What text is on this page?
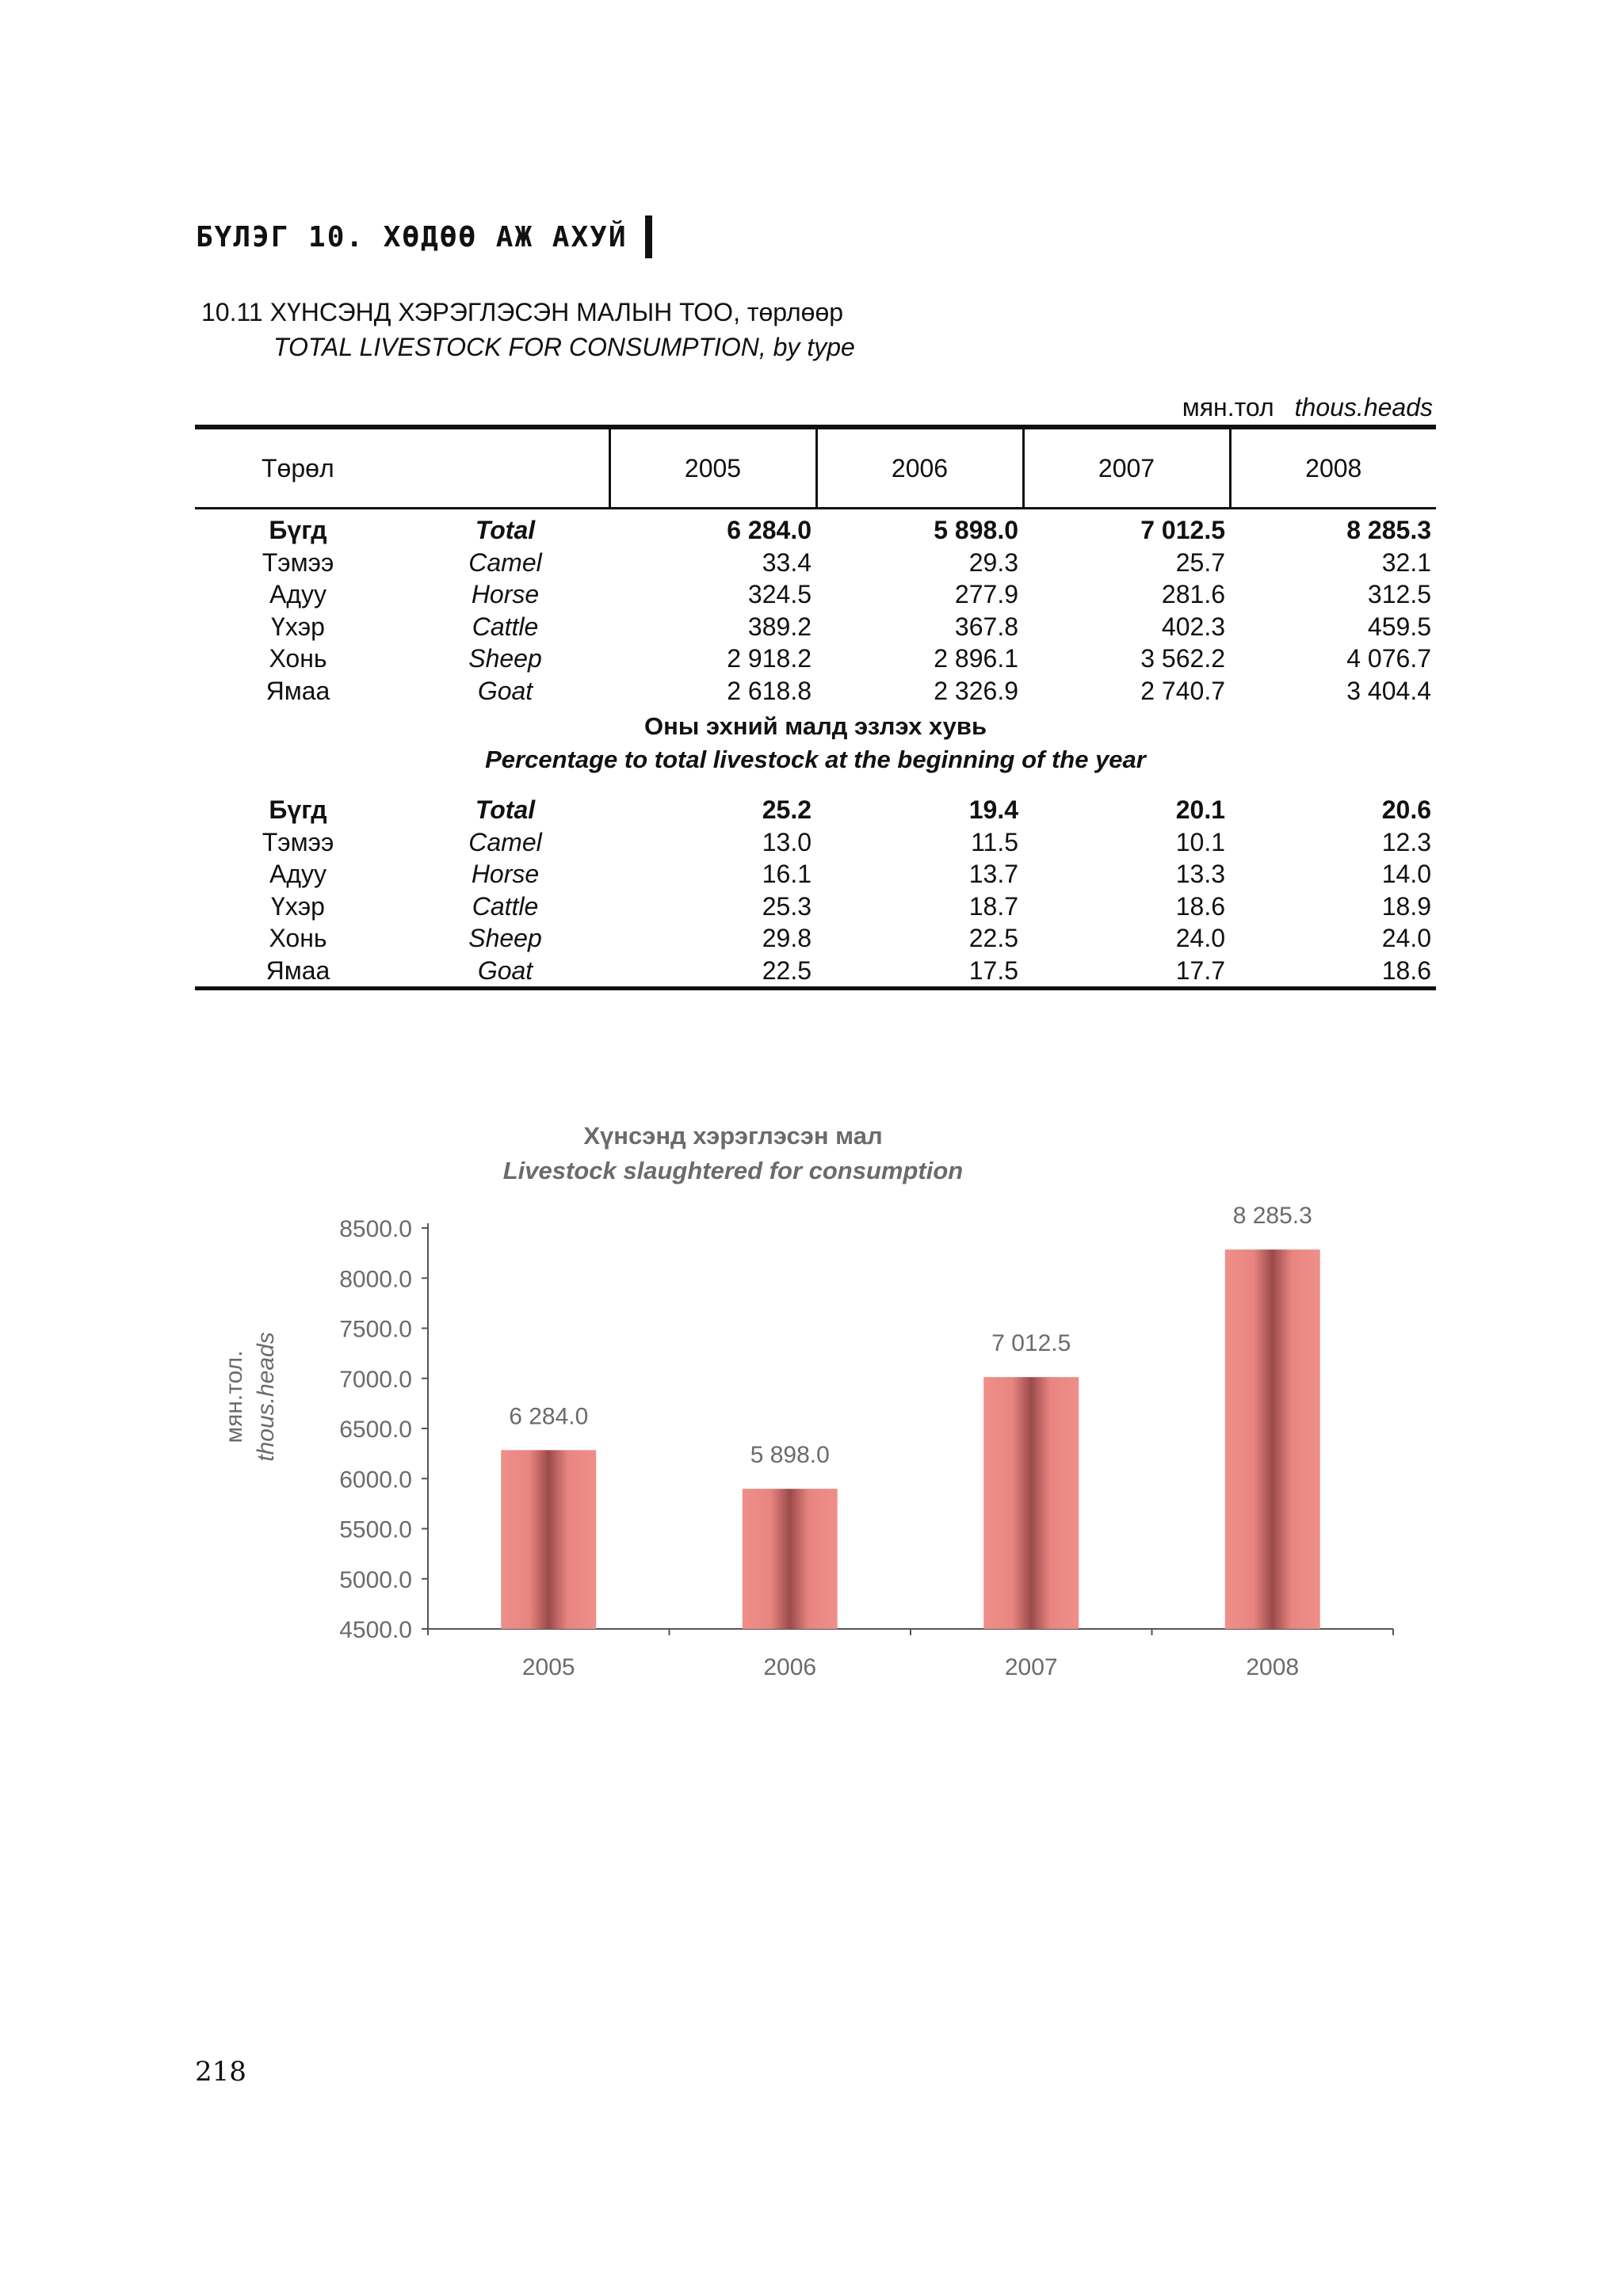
БҮЛЭГ 10. ХӨДӨӨ АЖ АХУЙ
10.11 ХҮНСЭНД ХЭРЭГЛЭСЭН МАЛЫН ТОО, төрлөөр
TOTAL LIVESTOCK FOR CONSUMPTION, by type
мян.тол thous.heads
Төрөл		2005	2006	2007	2008
Бүгд	Total	6 284.0	5 898.0	7 012.5	8 285.3
Тэмээ	Camel	33.4	29.3	25.7	32.1
Адуу	Horse	324.5	277.9	281.6	312.5
Үхэр	Cattle	389.2	367.8	402.3	459.5
Хонь	Sheep	2 918.2	2 896.1	3 562.2	4 076.7
Ямаа	Goat	2 618.8	2 326.9	2 740.7	3 404.4

Оны эхний малд эзлэх хувь
Percentage to total livestock at the beginning of the year					

Бүгд	Total	25.2	19.4	20.1	20.6
Тэмээ	Camel	13.0	11.5	10.1	12.3
Адуу	Horse	16.1	13.7	13.3	14.0
Үхэр	Cattle	25.3	18.7	18.6	18.9
Хонь	Sheep	29.8	22.5	24.0	24.0
Ямаа	Goat	22.5	17.5	17.7	18.6
Хүнсэнд хэрэглэсэн мал
Livestock slaughtered for consumption
4500.0
5000.0
5500.0
6000.0
6500.0
7000.0
7500.0
8000.0
8500.0
6 284.0
2005
5 898.0
2006
7 012.5
2007
8 285.3
2008
мян.тол. thous.heads
218
